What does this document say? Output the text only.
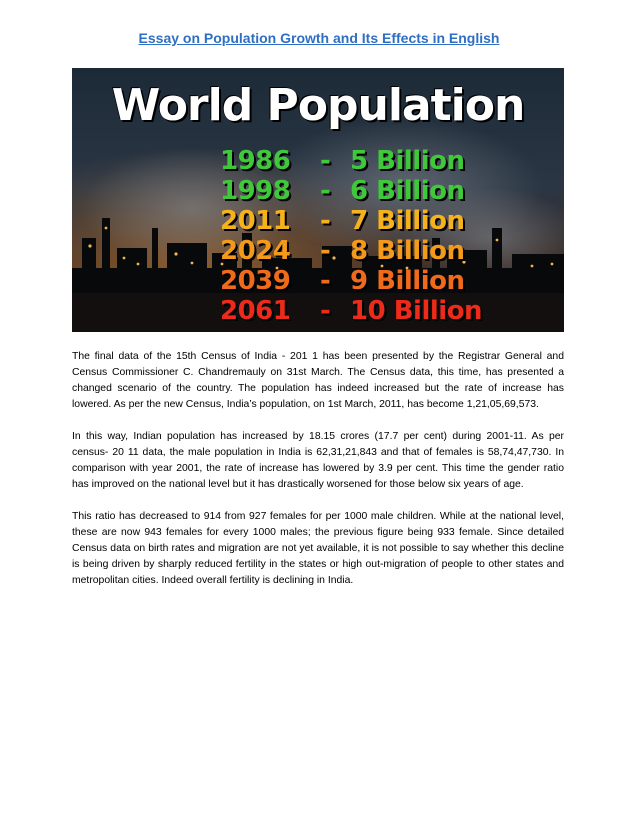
Essay on Population Growth and Its Effects in English
World Population
1986 - 5 Billion
1998 - 6 Billion
2011 - 7 Billion
2024 - 8 Billion
2039 - 9 Billion
2061 - 10 Billion

The final data of the 15th Census of India - 201 1 has been presented by the Registrar General and Census Commissioner C. Chandremauly on 31st March. The Census data, this time, has presented a changed scenario of the country. The population has indeed increased but the rate of increase has lowered. As per the new Census, India’s population, on 1st March, 2011, has become 1,21,05,69,573.

In this way, Indian population has increased by 18.15 crores (17.7 per cent) during 2001-11. As per census- 20 11 data, the male population in India is 62,31,21,843 and that of females is 58,74,47,730. In comparison with year 2001, the rate of increase has lowered by 3.9 per cent. This time the gender ratio has improved on the national level but it has drastically worsened for those below six years of age.

This ratio has decreased to 914 from 927 females for per 1000 male children. While at the national level, these are now 943 females for every 1000 males; the previous figure being 933 female. Since detailed Census data on birth rates and migration are not yet available, it is not possible to say whether this decline is being driven by sharply reduced fertility in the states or high out-migration of people to other states and metropolitan cities. Indeed overall fertility is declining in India.
